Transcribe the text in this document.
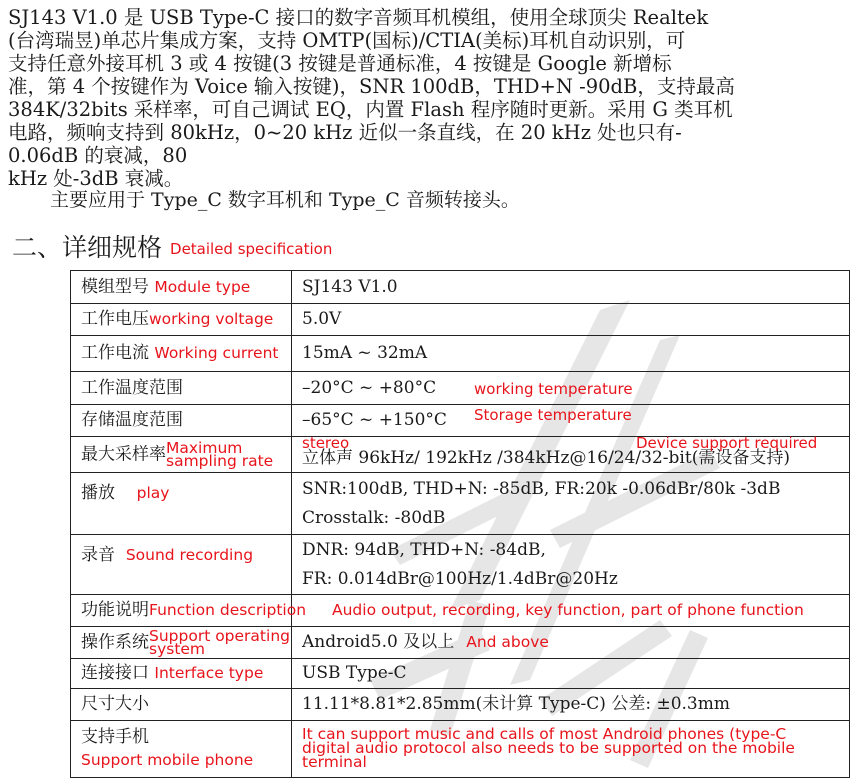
SJ143 V1.0 是 USB Type-C 接口的数字音频耳机模组，使用全球顶尖 Realtek

(台湾瑞昱)单芯片集成方案，支持 OMTP(国标)/CTIA(美标)耳机自动识别，可

支持任意外接耳机 3 或 4 按键(3 按键是普通标准，4 按键是 Google 新增标

准，第 4 个按键作为 Voice 输入按键)，SNR 100dB，THD+N -90dB，支持最高

384K/32bits 采样率，可自己调试 EQ，内置 Flash 程序随时更新。采用 G 类耳机

电路，频响支持到 80kHz，0~20 kHz 近似一条直线，在 20 kHz 处也只有-

0.06dB 的衰减，80

kHz 处-3dB 衰减。

主要应用于 Type_C 数字耳机和 Type_C 音频转接头。
二、详细规格 Detailed specification
模组型号 Module type	SJ143 V1.0
工作电压working voltage	5.0V
工作电流 Working current	15mA ~ 32mA
工作温度范围	–20°C ~ +80°C working temperature

存储温度范围	–65°C ~ +150°C Storage temperature

最大采样率Maximum
sampling rate	立体声 96kHz/ 192kHz /384kHz@16/24/32-bit(需设备支持)
stereo Device support required

播放 play	SNR:100dB, THD+N: -85dB, FR:20k -0.06dBr/80k -3dB
Crosstalk: -80dB
录音 Sound recording	DNR: 94dB, THD+N: -84dB,
FR: 0.014dBr@100Hz/1.4dBr@20Hz
功能说明Function description	Audio output, recording, key function, part of phone function
操作系统Support operating
system	Android5.0 及以上 And above
连接接口 Interface type	USB Type-C
尺寸大小	11.11*8.81*2.85mm(未计算 Type-C) 公差: ±0.3mm
支持手机
Support mobile phone	It can support music and calls of most Android phones (type-C
digital audio protocol also needs to be supported on the mobile
terminal
